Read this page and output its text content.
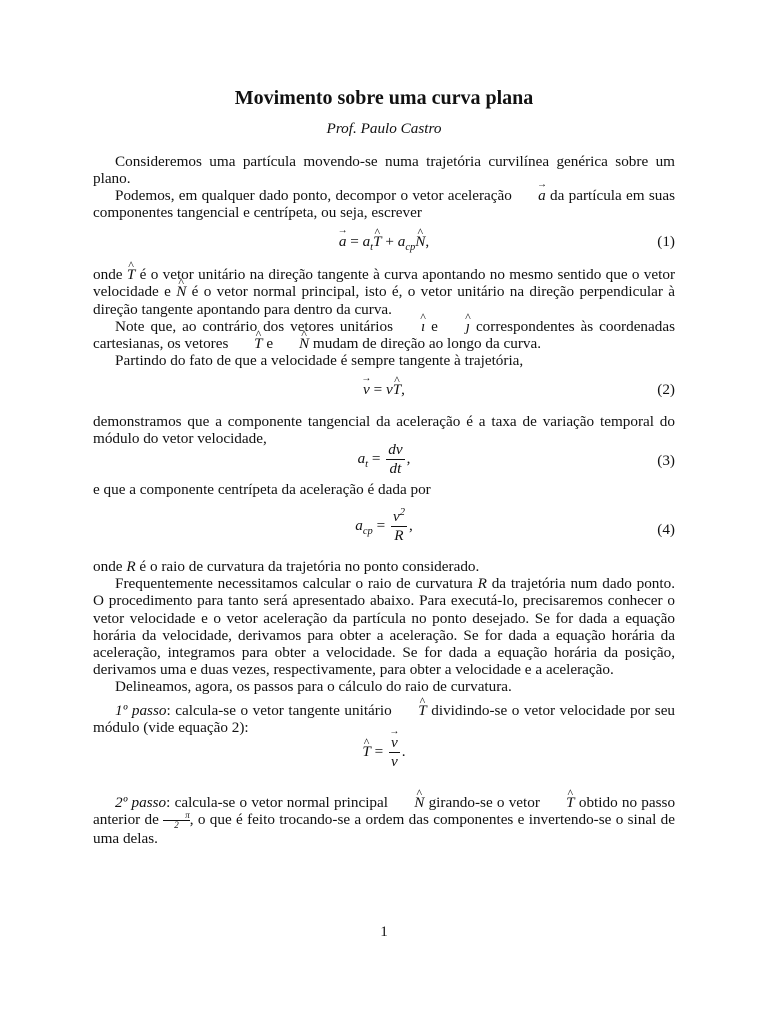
Movimento sobre uma curva plana
Prof. Paulo Castro

Consideremos uma partícula movendo-se numa trajetória curvilínea genérica sobre um plano.

Podemos, em qualquer dado ponto, decompor o vetor aceleração → a da partícula em suas componentes tangencial e centrípeta, ou seja, escrever

→ $a = a_t\^{}$ $T + a_{cp}\^{}$ N,	(1)

onde ^ T é o vetor unitário na direção tangente à curva apontando no mesmo sentido que o vetor velocidade e ^ N é o vetor normal principal, isto é, o vetor unitário na direção perpendicular à direção tangente apontando para dentro da curva.

Note que, ao contrário dos vetores unitários ^ ı e ^ ȷ correspondentes às coordenadas cartesianas, os vetores ^ T e ^ N mudam de direção ao longo da curva.

Partindo do fato de que a velocidade é sempre tangente à trajetória,

→ v = v^ T,	(2)

demonstramos que a componente tangencial da aceleração é a taxa de variação temporal do módulo do vetor velocidade,

$a_t = \frac{dv}{dt}$ ,	(3)

e que a componente centrípeta da aceleração é dada por

$a_{cp} = \frac{v^2}{R}$ ,	(4)

onde R é o raio de curvatura da trajetória no ponto considerado.

Frequentemente necessitamos calcular o raio de curvatura R da trajetória num dado ponto. O procedimento para tanto será apresentado abaixo. Para executá-lo, precisaremos conhecer o vetor velocidade e o vetor aceleração da partícula no ponto desejado. Se for dada a equação horária da velocidade, derivamos para obter a aceleração. Se for dada a equação horária da aceleração, integramos para obter a velocidade. Se for dada a equação horária da posição, derivamos uma e duas vezes, respectivamente, para obter a velocidade e a aceleração.

Delineamos, agora, os passos para o cálculo do raio de curvatura.

1º passo: calcula-se o vetor tangente unitário ^ T dividindo-se o vetor velocidade por seu módulo (vide equação 2):

^ T = → $\frac{v}{v}$ .

2º passo: calcula-se o vetor normal principal ^ N girando-se o vetor ^ T obtido no passo anterior de $\frac{\pi}{2}$, o que é feito trocando-se a ordem das componentes e invertendo-se o sinal de uma delas.

1
